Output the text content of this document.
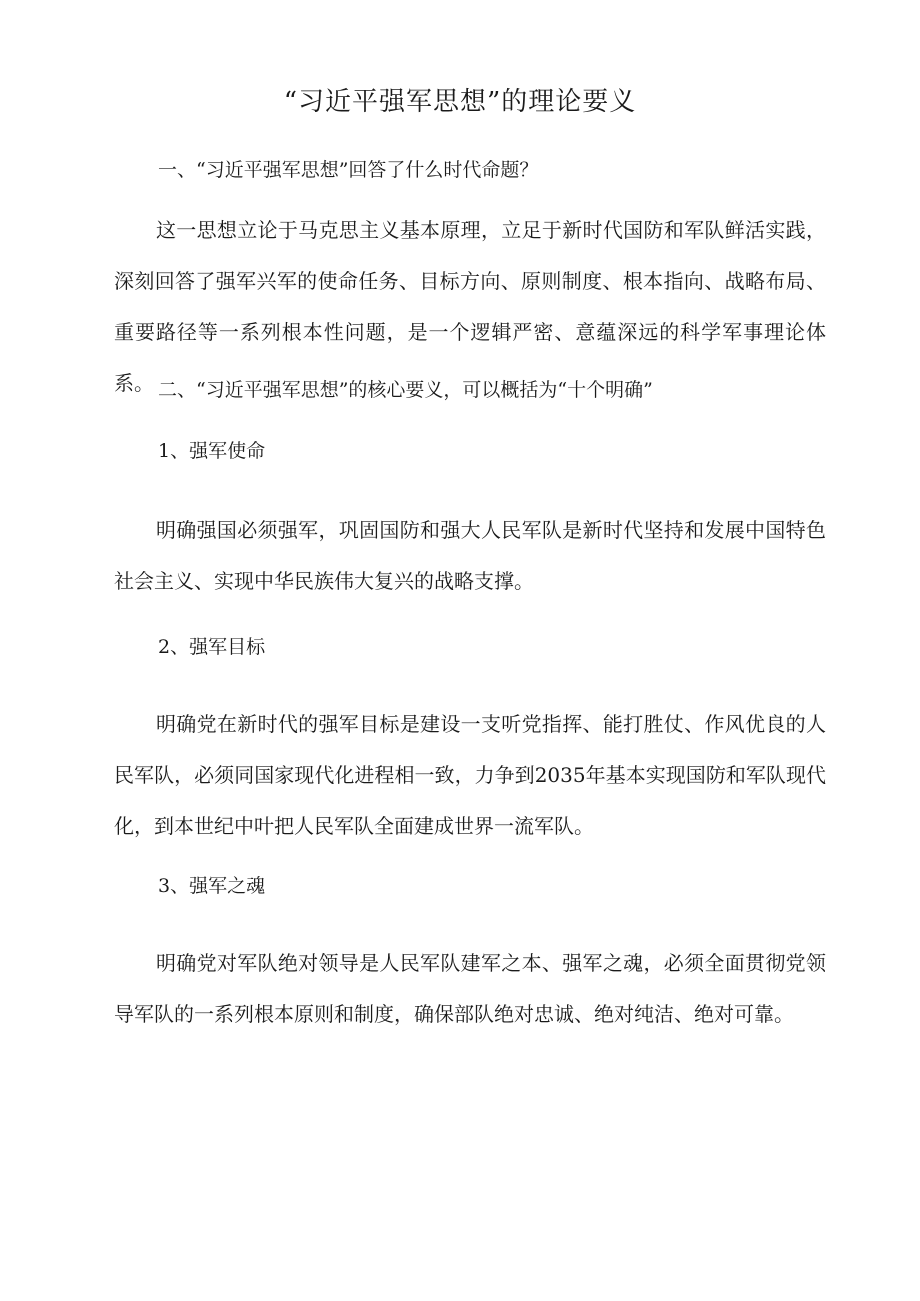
“习近平强军思想”的理论要义

一、“习近平强军思想”回答了什么时代命题？

这一思想立论于马克思主义基本原理，立足于新时代国防和军队鲜活实践，深刻回答了强军兴军的使命任务、目标方向、原则制度、根本指向、战略布局、重要路径等一系列根本性问题，是一个逻辑严密、意蕴深远的科学军事理论体系。 二、“习近平强军思想”的核心要义，可以概括为“十个明确”

1、强军使命

明确强国必须强军，巩固国防和强大人民军队是新时代坚持和发展中国特色社会主义、实现中华民族伟大复兴的战略支撑。

2、强军目标

明确党在新时代的强军目标是建设一支听党指挥、能打胜仗、作风优良的人民军队，必须同国家现代化进程相一致，力争到2035年基本实现国防和军队现代化，到本世纪中叶把人民军队全面建成世界一流军队。

3、强军之魂

明确党对军队绝对领导是人民军队建军之本、强军之魂，必须全面贯彻党领导军队的一系列根本原则和制度，确保部队绝对忠诚、绝对纯洁、绝对可靠。
